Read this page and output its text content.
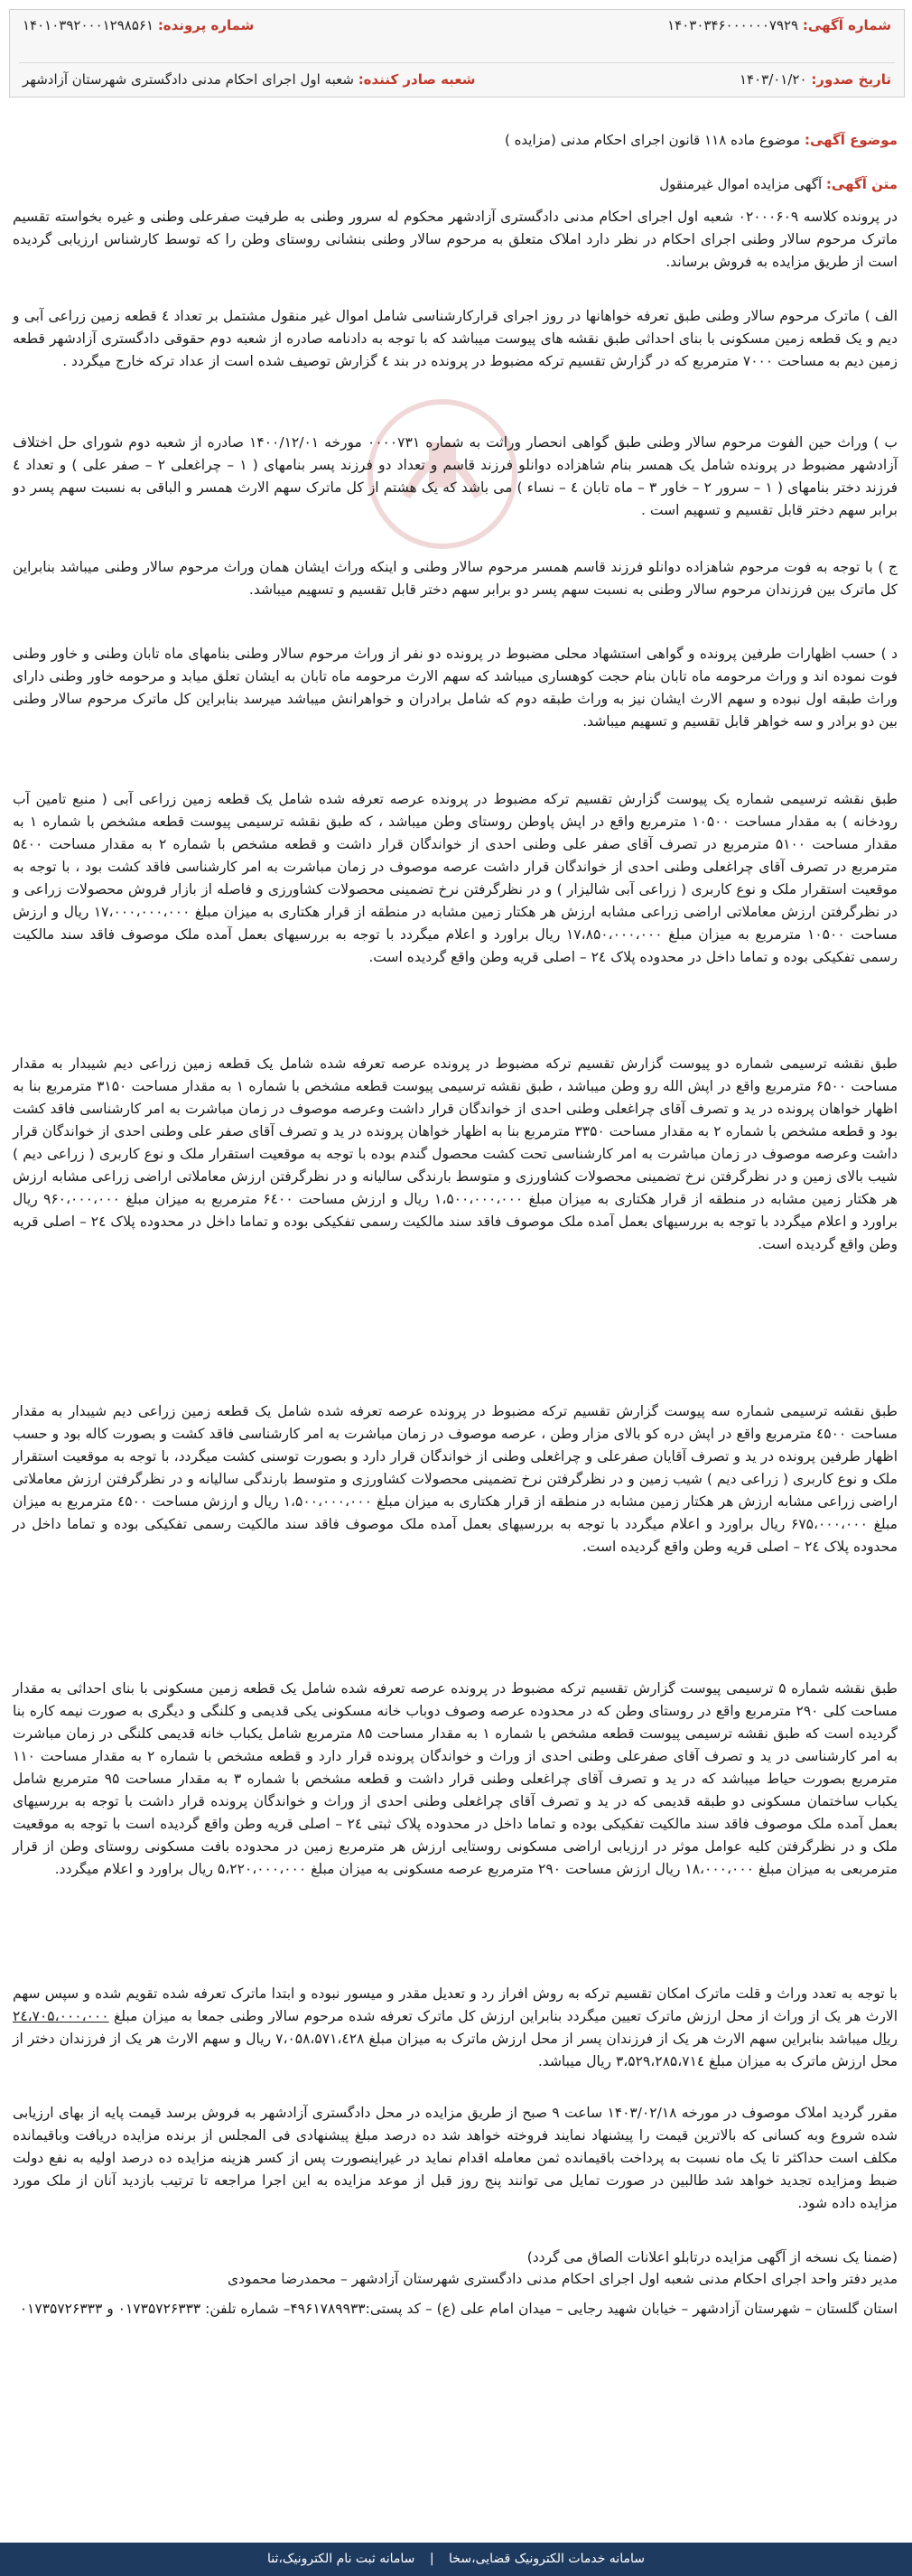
شماره آگهی: ۱۴۰۳۰۳۴۶۰۰۰۰۰۰۷۹۲۹
شماره پرونده: ۱۴۰۱۰۳۹۲۰۰۰۱۲۹۸۵۶۱
تاریخ صدور: ۱۴۰۳/۰۱/۲۰
شعبه صادر کننده: شعبه اول اجرای احکام مدنی دادگستری شهرستان آزادشهر
موضوع آگهی: موضوع ماده ۱۱۸ قانون اجرای احکام مدنی (مزایده )
متن آگهی: آگهی مزایده اموال غیرمنقول
در پرونده کلاسه ۰۲۰۰۰۶۰۹ شعبه اول اجرای احکام مدنی دادگستری آزادشهر محکوم له سرور وطنی به طرفیت صفرعلی وطنی و غیره بخواسته تقسیم ماترک مرحوم سالار وطنی اجرای احکام در نظر دارد املاک متعلق به مرحوم سالار وطنی بنشانی روستای وطن را که توسط کارشناس ارزیابی گردیده است از طریق مزایده به فروش برساند.
الف ) ماترک مرحوم سالار وطنی طبق تعرفه خواهانها در روز اجرای قرارکارشناسی شامل اموال غیر منقول مشتمل بر تعداد ٤ قطعه زمین زراعی آبی و دیم و یک قطعه زمین مسکونی با بنای احداثی طبق نقشه های پیوست میباشد که با توجه به دادنامه صادره از شعبه دوم حقوقی دادگستری آزادشهر قطعه زمین دیم به مساحت ۷۰۰۰ مترمربع که در گزارش تقسیم ترکه مضبوط در پرونده در بند ٤ گزارش توصیف شده است از عداد ترکه خارج میگردد .
ب ) وراث حین الفوت مرحوم سالار وطنی طبق گواهی انحصار وراثت به شماره ۰۰۰۰۷۳۱ مورخه ۱۴۰۰/۱۲/۰۱ صادره از شعبه دوم شورای حل اختلاف آزادشهر مضبوط در پرونده شامل یک همسر بنام شاهزاده دوانلو فرزند قاسم و تعداد دو فرزند پسر بنامهای ( ۱ – چراغعلی ۲ – صفر علی ) و تعداد ٤ فرزند دختر بنامهای ( ۱ – سرور ۲ – خاور ۳ – ماه تابان ٤ – نساء ) می باشد که یک هشتم از کل ماترک سهم الارث همسر و الباقی به نسبت سهم پسر دو برابر سهم دختر قابل تقسیم و تسهیم است .
ج ) با توجه به فوت مرحوم شاهزاده دوانلو فرزند قاسم همسر مرحوم سالار وطنی و اینکه وراث ایشان همان وراث مرحوم سالار وطنی میباشد بنابراین کل ماترک بین فرزندان مرحوم سالار وطنی به نسبت سهم پسر دو برابر سهم دختر قابل تقسیم و تسهیم میباشد.
د ) حسب اظهارات طرفین پرونده و گواهی استشهاد محلی مضبوط در پرونده دو نفر از وراث مرحوم سالار وطنی بنامهای ماه تابان وطنی و خاور وطنی فوت نموده اند و وراث مرحومه ماه تابان بنام حجت کوهساری میباشد که سهم الارث مرحومه ماه تابان به ایشان تعلق میابد و مرحومه خاور وطنی دارای وراث طبقه اول نبوده و سهم الارث ایشان نیز به وراث طبقه دوم که شامل برادران و خواهرانش میباشد میرسد بنابراین کل ماترک مرحوم سالار وطنی بین دو برادر و سه خواهر قابل تقسیم و تسهیم میباشد.
طبق نقشه ترسیمی شماره یک پیوست گزارش تقسیم ترکه مضبوط در پرونده عرصه تعرفه شده شامل یک قطعه زمین زراعی آبی ( منبع تامین آب رودخانه ) به مقدار مساحت ۱۰۵۰۰ مترمربع واقع در اپش پاوطن روستای وطن میباشد ، که طبق نقشه ترسیمی پیوست قطعه مشخص با شماره ۱ به مقدار مساحت ۵۱۰۰ مترمربع در تصرف آقای صفر علی وطنی احدی از خواندگان قرار داشت و قطعه مشخص با شماره ۲ به مقدار مساحت ۵٤۰۰ مترمربع در تصرف آقای چراغعلی وطنی احدی از خواندگان قرار داشت عرصه موصوف در زمان مباشرت به امر کارشناسی فاقد کشت بود ، با توجه به موقعیت استقرار ملک و نوع کاربری ( زراعی آبی شالیزار ) و در نظرگرفتن نرخ تضمینی محصولات کشاورزی و فاصله از بازار فروش محصولات زراعی و در نظرگرفتن ارزش معاملاتی اراضی زراعی مشابه ارزش هر هکتار زمین مشابه در منطقه از قرار هکتاری به میزان مبلغ ۱۷،۰۰۰،۰۰۰،۰۰۰ ریال و ارزش مساحت ۱۰۵۰۰ مترمربع به میزان مبلغ ۱۷،۸۵۰،۰۰۰،۰۰۰ ریال براورد و اعلام میگردد با توجه به بررسیهای بعمل آمده ملک موصوف فاقد سند مالکیت رسمی تفکیکی بوده و تماما داخل در محدوده پلاک ۲٤ – اصلی قریه وطن واقع گردیده است.
طبق نقشه ترسیمی شماره دو پیوست گزارش تقسیم ترکه مضبوط در پرونده عرصه تعرفه شده شامل یک قطعه زمین زراعی دیم شیبدار به مقدار مساحت ۶۵۰۰ مترمربع واقع در اپش الله رو وطن میباشد ، طبق نقشه ترسیمی پیوست قطعه مشخص با شماره ۱ به مقدار مساحت ۳۱۵۰ مترمربع بنا به اظهار خواهان پرونده در ید و تصرف آقای چراغعلی وطنی احدی از خواندگان قرار داشت وعرصه موصوف در زمان مباشرت به امر کارشناسی فاقد کشت بود و قطعه مشخص با شماره ۲ به مقدار مساحت ۳۳۵۰ مترمربع بنا به اظهار خواهان پرونده در ید و تصرف آقای صفر علی وطنی احدی از خواندگان قرار داشت وعرصه موصوف در زمان مباشرت به امر کارشناسی تحت کشت محصول گندم بوده با توجه به موقعیت استقرار ملک و نوع کاربری ( زراعی دیم ) شیب بالای زمین و در نظرگرفتن نرخ تضمینی محصولات کشاورزی و متوسط بارندگی سالیانه و در نظرگرفتن ارزش معاملاتی اراضی زراعی مشابه ارزش هر هکتار زمین مشابه در منطقه از قرار هکتاری به میزان مبلغ ۱،۵۰۰،۰۰۰،۰۰۰ ریال و ارزش مساحت ۶٤۰۰ مترمربع به میزان مبلغ ۹۶۰،۰۰۰،۰۰۰ ریال براورد و اعلام میگردد با توجه به بررسیهای بعمل آمده ملک موصوف فاقد سند مالکیت رسمی تفکیکی بوده و تماما داخل در محدوده پلاک ۲٤ – اصلی قریه وطن واقع گردیده است.
طبق نقشه ترسیمی شماره سه پیوست گزارش تقسیم ترکه مضبوط در پرونده عرصه تعرفه شده شامل یک قطعه زمین زراعی دیم شیبدار به مقدار مساحت ٤۵۰۰ مترمربع واقع در اپش دره کو بالای مزار وطن ، عرصه موصوف در زمان مباشرت به امر کارشناسی فاقد کشت و بصورت کاله بود و حسب اظهار طرفین پرونده در ید و تصرف آقایان صفرعلی و چراغعلی وطنی از خواندگان قرار دارد و بصورت توسنی کشت میگردد، با توجه به موقعیت استقرار ملک و نوع کاربری ( زراعی دیم ) شیب زمین و در نظرگرفتن نرخ تضمینی محصولات کشاورزی و متوسط بارندگی سالیانه و در نظرگرفتن ارزش معاملاتی اراضی زراعی مشابه ارزش هر هکتار زمین مشابه در منطقه از قرار هکتاری به میزان مبلغ ۱،۵۰۰،۰۰۰،۰۰۰ ریال و ارزش مساحت ٤۵۰۰ مترمربع به میزان مبلغ ۶۷۵،۰۰۰،۰۰۰ ریال براورد و اعلام میگردد با توجه به بررسیهای بعمل آمده ملک موصوف فاقد سند مالکیت رسمی تفکیکی بوده و تماما داخل در محدوده پلاک ۲٤ – اصلی قریه وطن واقع گردیده است.
طبق نقشه شماره ۵ ترسیمی پیوست گزارش تقسیم ترکه مضبوط در پرونده عرصه تعرفه شده شامل یک قطعه زمین مسکونی با بنای احداثی به مقدار مساحت کلی ۲۹۰ مترمربع واقع در روستای وطن که در محدوده عرصه وصوف دوباب خانه مسکونی یکی قدیمی و کلنگی و دیگری به صورت نیمه کاره بنا گردیده است که طبق نقشه ترسیمی پیوست قطعه مشخص با شماره ۱ به مقدار مساحت ۸۵ مترمربع شامل یکباب خانه قدیمی کلنگی در زمان مباشرت به امر کارشناسی در ید و تصرف آقای صفرعلی وطنی احدی از وراث و خواندگان پرونده قرار دارد و قطعه مشخص با شماره ۲ به مقدار مساحت ۱۱۰ مترمربع بصورت حیاط میباشد که در ید و تصرف آقای چراغعلی وطنی قرار داشت و قطعه مشخص با شماره ۳ به مقدار مساحت ۹۵ مترمربع شامل یکباب ساختمان مسکونی دو طبقه قدیمی که در ید و تصرف آقای چراغعلی وطنی احدی از وراث و خواندگان پرونده قرار داشت با توجه به بررسیهای بعمل آمده ملک موصوف فاقد سند مالکیت تفکیکی بوده و تماما داخل در محدوده پلاک ثبتی ۲٤ – اصلی قریه وطن واقع گردیده است با توجه به موقعیت ملک و در نظرگرفتن کلیه عوامل موثر در ارزیابی اراضی مسکونی روستایی ارزش هر مترمربع زمین در محدوده بافت مسکونی روستای وطن از قرار مترمربعی به میزان مبلغ ۱۸،۰۰۰،۰۰۰ ریال ارزش مساحت ۲۹۰ مترمربع عرصه مسکونی به میزان مبلغ ۵،۲۲۰،۰۰۰،۰۰۰ ریال براورد و اعلام میگردد.
با توجه به تعدد وراث و قلت ماترک امکان تقسیم ترکه به روش افراز رد و تعدیل مقدر و میسور نبوده و ابتدا ماترک تعرفه شده تقویم شده و سپس سهم الارث هر یک از وراث از محل ارزش ماترک تعیین میگردد بنابراین ارزش کل ماترک تعرفه شده مرحوم سالار وطنی جمعا به میزان مبلغ ۲٤،۷۰۵،۰۰۰،۰۰۰ ریال میباشد بنابراین سهم الارث هر یک از فرزندان پسر از محل ارزش ماترک به میزان مبلغ ۷،۰۵۸،۵۷۱،٤۲۸ ریال و سهم الارث هر یک از فرزندان دختر از محل ارزش ماترک به میزان مبلغ ۳،۵۲۹،۲۸۵،۷۱٤ ریال میباشد.
مقرر گردید املاک موصوف در مورخه ۱۴۰۳/۰۲/۱۸ ساعت ۹ صبح از طریق مزایده در محل دادگستری آزادشهر به فروش برسد قیمت پایه از بهای ارزیابی شده شروع وبه کسانی که بالاترین قیمت را پیشنهاد نمایند فروخته خواهد شد ده درصد مبلغ پیشنهادی فی المجلس از برنده مزایده دریافت وباقیمانده مکلف است حداکثر تا یک ماه نسبت به پرداخت باقیمانده ثمن معامله اقدام نماید در غیراینصورت پس از کسر هزینه مزایده ده درصد اولیه به نفع دولت ضبط ومزایده تجدید خواهد شد طالبین در صورت تمایل می توانند پنج روز قبل از موعد مزایده به این اجرا مراجعه تا ترتیب بازدید آنان از ملک مورد مزایده داده شود.
(ضمنا یک نسخه از آگهی مزایده درتابلو اعلانات الصاق می گردد)
مدیر دفتر واحد اجرای احکام مدنی شعبه اول اجرای احکام مدنی دادگستری شهرستان آزادشهر – محمدرضا محمودی
استان گلستان – شهرستان آزادشهر – خیابان شهید رجایی – میدان امام علی (ع) – کد پستی:۴۹۶۱۷۸۹۹۳۳– شماره تلفن: ۰۱۷۳۵۷۲۶۳۳۳ و ۰۱۷۳۵۷۲۶۳۳۳
سامانه خدمات الکترونیک قضایی،سخا | سامانه ثبت نام الکترونیک،ثنا
